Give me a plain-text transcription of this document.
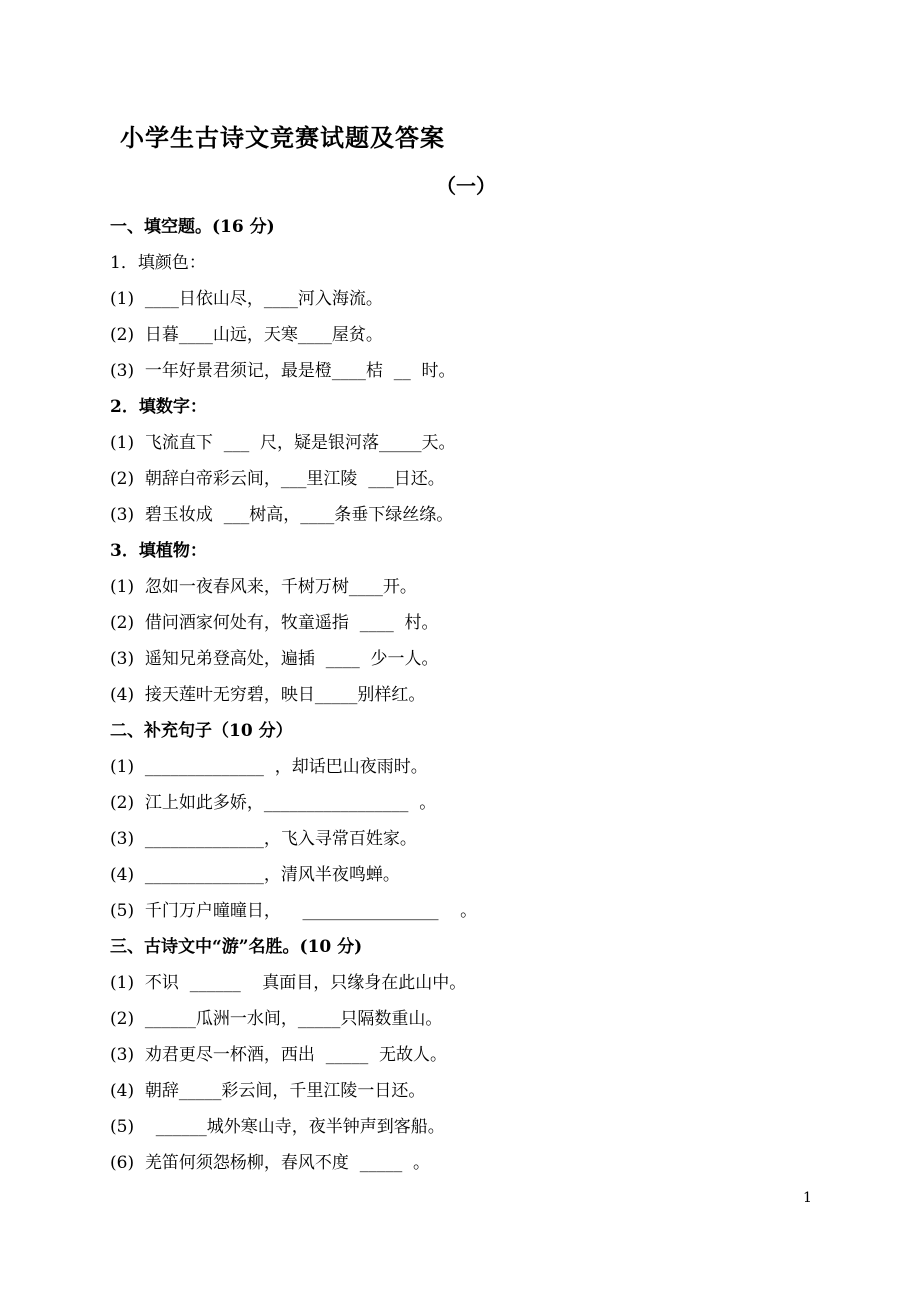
小学生古诗文竞赛试题及答案
（一）
一、填空题。(16 分)
1．填颜色：
(1)  ____日依山尽，____河入海流。
(2)  日暮____山远，天寒____屋贫。
(3)  一年好景君须记，最是橙____桔  __  时。
2．填数字：
(1)  飞流直下  ___  尺，疑是银河落_____天。
(2)  朝辞白帝彩云间，___里江陵  ___日还。
(3)  碧玉妆成  ___树高，____条垂下绿丝绦。
3．填植物：
(1)  忽如一夜春风来，千树万树____开。
(2)  借问酒家何处有，牧童遥指  ____  村。
(3)  遥知兄弟登高处，遍插  ____  少一人。
(4)  接天莲叶无穷碧，映日_____别样红。
二、补充句子（10 分）
(1)  ______________  ，却话巴山夜雨时。
(2)  江上如此多娇，_________________  。
(3)  ______________，飞入寻常百姓家。
(4)  ______________，清风半夜鸣蝉。
(5)  千门万户曈曈日，    ________________    。
三、古诗文中“游”名胜。(10 分)
(1)  不识  ______    真面目，只缘身在此山中。
(2)  ______瓜洲一水间，_____只隔数重山。
(3)  劝君更尽一杯酒，西出  _____  无故人。
(4)  朝辞_____彩云间，千里江陵一日还。
(5)    ______城外寒山寺，夜半钟声到客船。
(6)  羌笛何须怨杨柳，春风不度  _____  。
1
